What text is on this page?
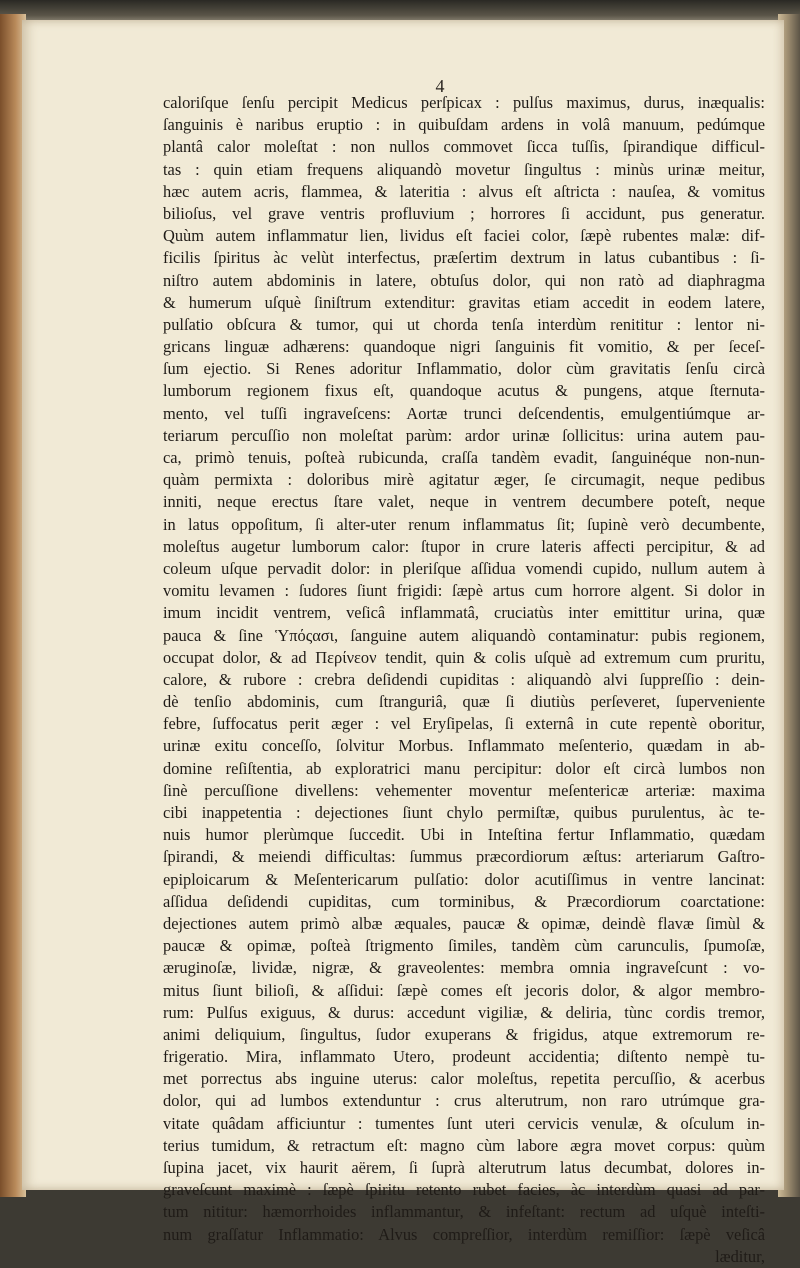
4
caloriſque ſenſu percipit Medicus perſpicax : pulſus maximus, durus, inæqualis:
ſanguinis è naribus eruptio : in quibuſdam ardens in volâ manuum, pedúmque
plantâ calor moleſtat : non nullos commovet ſicca tuſſis, ſpirandique difficul-
tas : quin etiam frequens aliquandò movetur ſingultus : minùs urinæ meitur,
hæc autem acris, flammea, & lateritia : alvus eſt aſtricta : nauſea, & vomitus
bilioſus, vel grave ventris profluvium ; horrores ſi accidunt, pus generatur.
Quùm autem inflammatur lien, lividus eſt faciei color, ſæpè rubentes malæ: dif-
ficilis ſpiritus àc velùt interfectus, præſertim dextrum in latus cubantibus : ſi-
niſtro autem abdominis in latere, obtuſus dolor, qui non ratò ad diaphragma
& humerum uſquè ſiniſtrum extenditur: gravitas etiam accedit in eodem latere,
pulſatio obſcura & tumor, qui ut chorda tenſa interdùm renititur : lentor ni-
gricans linguæ adhærens: quandoque nigri ſanguinis fit vomitio, & per ſeceſ-
ſum ejectio. Si Renes adoritur Inflammatio, dolor cùm gravitatis ſenſu circà
lumborum regionem fixus eſt, quandoque acutus & pungens, atque ſternuta-
mento, vel tuſſi ingraveſcens: Aortæ trunci deſcendentis, emulgentiúmque ar-
teriarum percuſſio non moleſtat parùm: ardor urinæ ſollicitus: urina autem pau-
ca, primò tenuis, poſteà rubicunda, craſſa tandèm evadit, ſanguinéque non-nun-
quàm permixta : doloribus mirè agitatur æger, ſe circumagit, neque pedibus
inniti, neque erectus ſtare valet, neque in ventrem decumbere poteſt, neque
in latus oppoſitum, ſi alter-uter renum inflammatus ſit; ſupinè verò decumbente,
moleſtus augetur lumborum calor: ſtupor in crure lateris affecti percipitur, & ad
coleum uſque pervadit dolor: in pleriſque aſſidua vomendi cupido, nullum autem à
vomitu levamen : ſudores ſiunt frigidi: ſæpè artus cum horrore algent. Si dolor in
imum incidit ventrem, veſicâ inflammatâ, cruciatùs inter emittitur urina, quæ
pauca & ſine Ὑπόςασι, ſanguine autem aliquandò contaminatur: pubis regionem,
occupat dolor, & ad Περίνεον tendit, quin & colis uſquè ad extremum cum pruritu,
calore, & rubore : crebra deſidendi cupiditas : aliquandò alvi ſuppreſſio : dein-
dè tenſio abdominis, cum ſtranguriâ, quæ ſi diutiùs perſeveret, ſuperveniente
febre, ſuffocatus perit æger : vel Eryſipelas, ſi externâ in cute repentè oboritur,
urinæ exitu conceſſo, ſolvitur Morbus. Inflammato meſenterio, quædam in ab-
domine reſiſtentia, ab exploratrici manu percipitur: dolor eſt circà lumbos non
ſinè percuſſione divellens: vehementer moventur meſentericæ arteriæ: maxima
cibi inappetentia : dejectiones ſiunt chylo permiſtæ, quibus purulentus, àc te-
nuis humor plerùmque ſuccedit. Ubi in Inteſtina fertur Inflammatio, quædam
ſpirandi, & meiendi difficultas: ſummus præcordiorum æſtus: arteriarum Gaſtro-
epiploicarum & Meſentericarum pulſatio: dolor acutiſſimus in ventre lancinat:
aſſidua deſidendi cupiditas, cum torminibus, & Præcordiorum coarctatione:
dejectiones autem primò albæ æquales, paucæ & opimæ, deindè flavæ ſimùl &
paucæ & opimæ, poſteà ſtrigmento ſimiles, tandèm cùm carunculis, ſpumoſæ,
æruginoſæ, lividæ, nigræ, & graveolentes: membra omnia ingraveſcunt : vo-
mitus ſiunt bilioſi, & aſſidui: ſæpè comes eſt jecoris dolor, & algor membro-
rum: Pulſus exiguus, & durus: accedunt vigiliæ, & deliria, tùnc cordis tremor,
animi deliquium, ſingultus, ſudor exuperans & frigidus, atque extremorum re-
frigeratio. Mira, inflammato Utero, prodeunt accidentia; diſtento nempè tu-
met porrectus abs inguine uterus: calor moleſtus, repetita percuſſio, & acerbus
dolor, qui ad lumbos extenduntur : crus alterutrum, non raro utrúmque gra-
vitate quâdam afficiuntur : tumentes ſunt uteri cervicis venulæ, & oſculum in-
terius tumidum, & retractum eſt: magno cùm labore ægra movet corpus: quùm
ſupina jacet, vix haurit aërem, ſi ſuprà alterutrum latus decumbat, dolores in-
graveſcunt maximè : ſæpè ſpiritu retento rubet facies, àc interdùm quasi ad par-
tum nititur: hæmorrhoides inflammantur, & infeſtant: rectum ad uſquè inteſti-
num graſſatur Inflammatio: Alvus compreſſior, interdùm remiſſior: ſæpè veſicâ
læditur,
